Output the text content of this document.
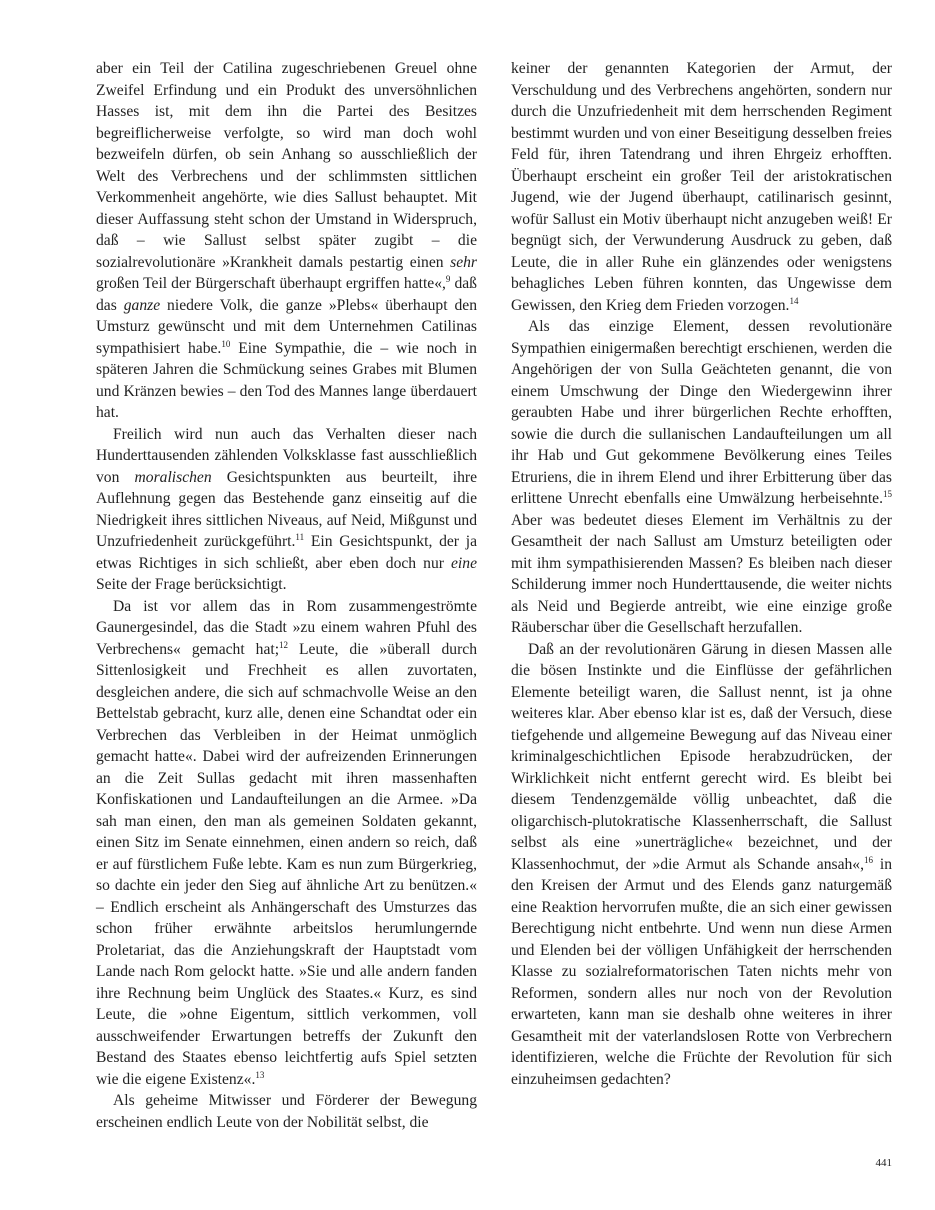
aber ein Teil der Catilina zugeschriebenen Greuel ohne Zweifel Erfindung und ein Produkt des unversöhnlichen Hasses ist, mit dem ihn die Partei des Besitzes begreiflicherweise verfolgte, so wird man doch wohl bezweifeln dürfen, ob sein Anhang so ausschließlich der Welt des Verbrechens und der schlimmsten sittlichen Verkommenheit angehörte, wie dies Sallust behauptet. Mit dieser Auffassung steht schon der Umstand in Widerspruch, daß – wie Sallust selbst später zugibt – die sozialrevolutionäre »Krankheit damals pestartig einen sehr großen Teil der Bürgerschaft überhaupt ergriffen hatte«,$^9$ daß das ganze niedere Volk, die ganze »Plebs« überhaupt den Umsturz gewünscht und mit dem Unternehmen Catilinas sympathisiert habe.$^{10}$ Eine Sympathie, die – wie noch in späteren Jahren die Schmückung seines Grabes mit Blumen und Kränzen bewies – den Tod des Mannes lange überdauert hat.

Freilich wird nun auch das Verhalten dieser nach Hunderttausenden zählenden Volksklasse fast ausschließlich von moralischen Gesichtspunkten aus beurteilt, ihre Auflehnung gegen das Bestehende ganz einseitig auf die Niedrigkeit ihres sittlichen Niveaus, auf Neid, Mißgunst und Unzufriedenheit zurückgeführt.$^{11}$ Ein Gesichtspunkt, der ja etwas Richtiges in sich schließt, aber eben doch nur eine Seite der Frage berücksichtigt.

Da ist vor allem das in Rom zusammengeströmte Gaunergesindel, das die Stadt »zu einem wahren Pfuhl des Verbrechens« gemacht hat;$^{12}$ Leute, die »überall durch Sittenlosigkeit und Frechheit es allen zuvortaten, desgleichen andere, die sich auf schmachvolle Weise an den Bettelstab gebracht, kurz alle, denen eine Schandtat oder ein Verbrechen das Verbleiben in der Heimat unmöglich gemacht hatte«. Dabei wird der aufreizenden Erinnerungen an die Zeit Sullas gedacht mit ihren massenhaften Konfiskationen und Landaufteilungen an die Armee. »Da sah man einen, den man als gemeinen Soldaten gekannt, einen Sitz im Senate einnehmen, einen andern so reich, daß er auf fürstlichem Fuße lebte. Kam es nun zum Bürgerkrieg, so dachte ein jeder den Sieg auf ähnliche Art zu benützen.« – Endlich erscheint als Anhängerschaft des Umsturzes das schon früher erwähnte arbeitslos herumlungernde Proletariat, das die Anziehungskraft der Hauptstadt vom Lande nach Rom gelockt hatte. »Sie und alle andern fanden ihre Rechnung beim Unglück des Staates.« Kurz, es sind Leute, die »ohne Eigentum, sittlich verkommen, voll ausschweifender Erwartungen betreffs der Zukunft den Bestand des Staates ebenso leichtfertig aufs Spiel setzten wie die eigene Existenz«.$^{13}$

Als geheime Mitwisser und Förderer der Bewegung erscheinen endlich Leute von der Nobilität selbst, die

keiner der genannten Kategorien der Armut, der Verschuldung und des Verbrechens angehörten, sondern nur durch die Unzufriedenheit mit dem herrschenden Regiment bestimmt wurden und von einer Beseitigung desselben freies Feld für, ihren Tatendrang und ihren Ehrgeiz erhofften. Überhaupt erscheint ein großer Teil der aristokratischen Jugend, wie der Jugend überhaupt, catilinarisch gesinnt, wofür Sallust ein Motiv überhaupt nicht anzugeben weiß! Er begnügt sich, der Verwunderung Ausdruck zu geben, daß Leute, die in aller Ruhe ein glänzendes oder wenigstens behagliches Leben führen konnten, das Ungewisse dem Gewissen, den Krieg dem Frieden vorzogen.$^{14}$

Als das einzige Element, dessen revolutionäre Sympathien einigermaßen berechtigt erschienen, werden die Angehörigen der von Sulla Geächteten genannt, die von einem Umschwung der Dinge den Wiedergewinn ihrer geraubten Habe und ihrer bürgerlichen Rechte erhofften, sowie die durch die sullanischen Landaufteilungen um all ihr Hab und Gut gekommene Bevölkerung eines Teiles Etruriens, die in ihrem Elend und ihrer Erbitterung über das erlittene Unrecht ebenfalls eine Umwälzung herbeisehnte.$^{15}$ Aber was bedeutet dieses Element im Verhältnis zu der Gesamtheit der nach Sallust am Umsturz beteiligten oder mit ihm sympathisierenden Massen? Es bleiben nach dieser Schilderung immer noch Hunderttausende, die weiter nichts als Neid und Begierde antreibt, wie eine einzige große Räuberschar über die Gesellschaft herzufallen.

Daß an der revolutionären Gärung in diesen Massen alle die bösen Instinkte und die Einflüsse der gefährlichen Elemente beteiligt waren, die Sallust nennt, ist ja ohne weiteres klar. Aber ebenso klar ist es, daß der Versuch, diese tiefgehende und allgemeine Bewegung auf das Niveau einer kriminalgeschichtlichen Episode herabzudrücken, der Wirklichkeit nicht entfernt gerecht wird. Es bleibt bei diesem Tendenzgemälde völlig unbeachtet, daß die oligarchisch-plutokratische Klassenherrschaft, die Sallust selbst als eine »unerträgliche« bezeichnet, und der Klassenhochmut, der »die Armut als Schande ansah«,$^{16}$ in den Kreisen der Armut und des Elends ganz naturgemäß eine Reaktion hervorrufen mußte, die an sich einer gewissen Berechtigung nicht entbehrte. Und wenn nun diese Armen und Elenden bei der völligen Unfähigkeit der herrschenden Klasse zu sozialreformatorischen Taten nichts mehr von Reformen, sondern alles nur noch von der Revolution erwarteten, kann man sie deshalb ohne weiteres in ihrer Gesamtheit mit der vaterlandslosen Rotte von Verbrechern identifizieren, welche die Früchte der Revolution für sich einzuheimsen gedachten?

441
